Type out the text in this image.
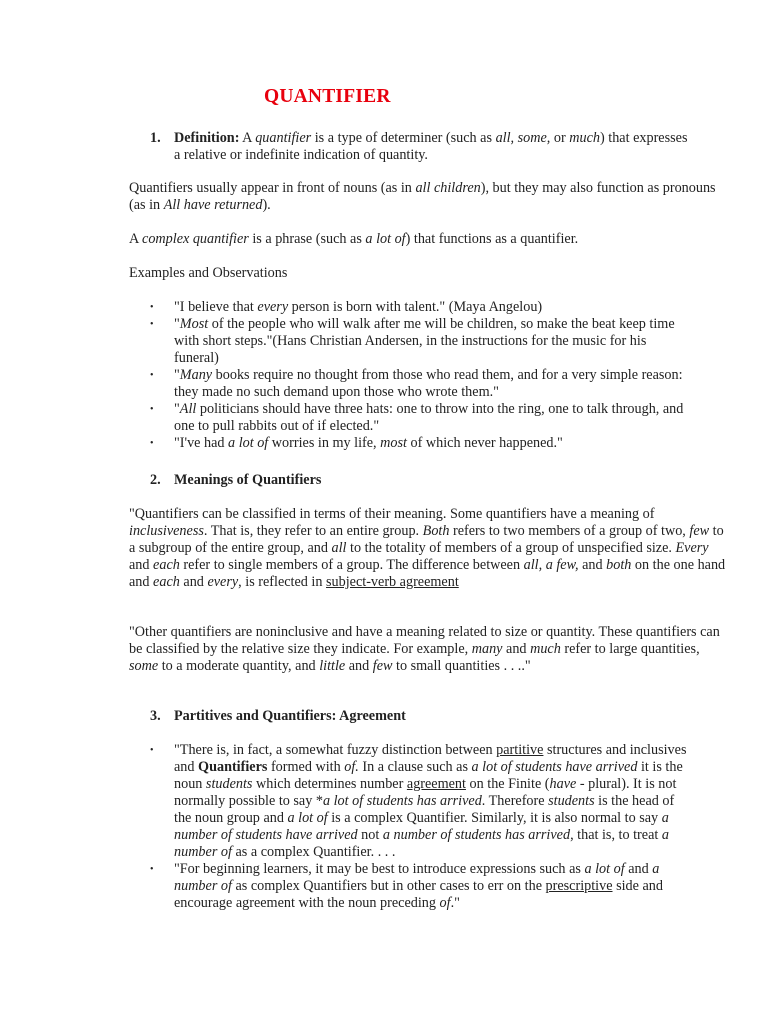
QUANTIFIER
1. Definition: A quantifier is a type of determiner (such as all, some, or much) that expresses a relative or indefinite indication of quantity.

Quantifiers usually appear in front of nouns (as in all children), but they may also function as pronouns (as in All have returned).

A complex quantifier is a phrase (such as a lot of) that functions as a quantifier.

Examples and Observations

• "I believe that every person is born with talent." (Maya Angelou)
• "Most of the people who will walk after me will be children, so make the beat keep time with short steps."(Hans Christian Andersen, in the instructions for the music for his funeral)
• "Many books require no thought from those who read them, and for a very simple reason: they made no such demand upon those who wrote them."
• "All politicians should have three hats: one to throw into the ring, one to talk through, and one to pull rabbits out of if elected."
• "I've had a lot of worries in my life, most of which never happened."
2. Meanings of Quantifiers

"Quantifiers can be classified in terms of their meaning. Some quantifiers have a meaning of inclusiveness. That is, they refer to an entire group. Both refers to two members of a group of two, few to a subgroup of the entire group, and all to the totality of members of a group of unspecified size. Every and each refer to single members of a group. The difference between all, a few, and both on the one hand and each and every, is reflected in subject-verb agreement

"Other quantifiers are noninclusive and have a meaning related to size or quantity. These quantifiers can be classified by the relative size they indicate. For example, many and much refer to large quantities, some to a moderate quantity, and little and few to small quantities . . .."

3. Partitives and Quantifiers: Agreement
• "There is, in fact, a somewhat fuzzy distinction between partitive structures and inclusives and Quantifiers formed with of. In a clause such as a lot of students have arrived it is the noun students which determines number agreement on the Finite (have - plural). It is not normally possible to say *a lot of students has arrived. Therefore students is the head of the noun group and a lot of is a complex Quantifier. Similarly, it is also normal to say a number of students have arrived not a number of students has arrived, that is, to treat a number of as a complex Quantifier. . . .
• "For beginning learners, it may be best to introduce expressions such as a lot of and a number of as complex Quantifiers but in other cases to err on the prescriptive side and encourage agreement with the noun preceding of."
